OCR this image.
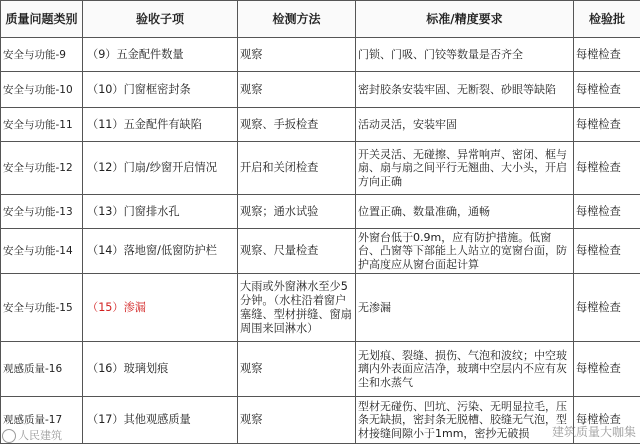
质量问题类别	验收子项	检测方法	标准/精度要求	检验批
安全与功能-9	（9）五金配件数量	观察	门锁、门吸、门铰等数量是否齐全	每樘检查
安全与功能-10	（10）门窗框密封条	观察	密封胶条安装牢固、无断裂、砂眼等缺陷	每樘检查
安全与功能-11	（11）五金配件有缺陷	观察、手扳检查	活动灵活，安装牢固	每樘检查
安全与功能-12	（12）门扇/纱窗开启情况	开启和关闭检查	开关灵活、无碰擦、异常响声、密闭、框与扇、扇与扇之间平行无翘曲、大小头，开启方向正确	每樘检查
安全与功能-13	（13）门窗排水孔	观察；通水试验	位置正确、数量准确，通畅	每樘检查
安全与功能-14	（14）落地窗/低窗防护栏	观察、尺量检查	外窗台低于0.9m，应有防护措施。低窗台、凸窗等下部能上人站立的宽窗台面，防护高度应从窗台面起计算	每樘检查
安全与功能-15	（15）渗漏	大雨或外窗淋水至少5分钟。（水柱沿着窗户塞缝、型材拼缝、窗扇周围来回淋水）	无渗漏	每樘检查
观感质量-16	（16）玻璃划痕	观察	无划痕、裂缝、损伤、气泡和波纹；中空玻璃内外表面应洁净，玻璃中空层内不应有灰尘和水蒸气	每樘检查
观感质量-17	（17）其他观感质量	观察	型材无碰伤、凹坑、污染、无明显拉毛，压条无缺损，密封条无脱槽、胶缝无气泡，型材接缝间隙小于1mm，密抄无破损	每樘检查
人民建筑	建筑质量大咖集
